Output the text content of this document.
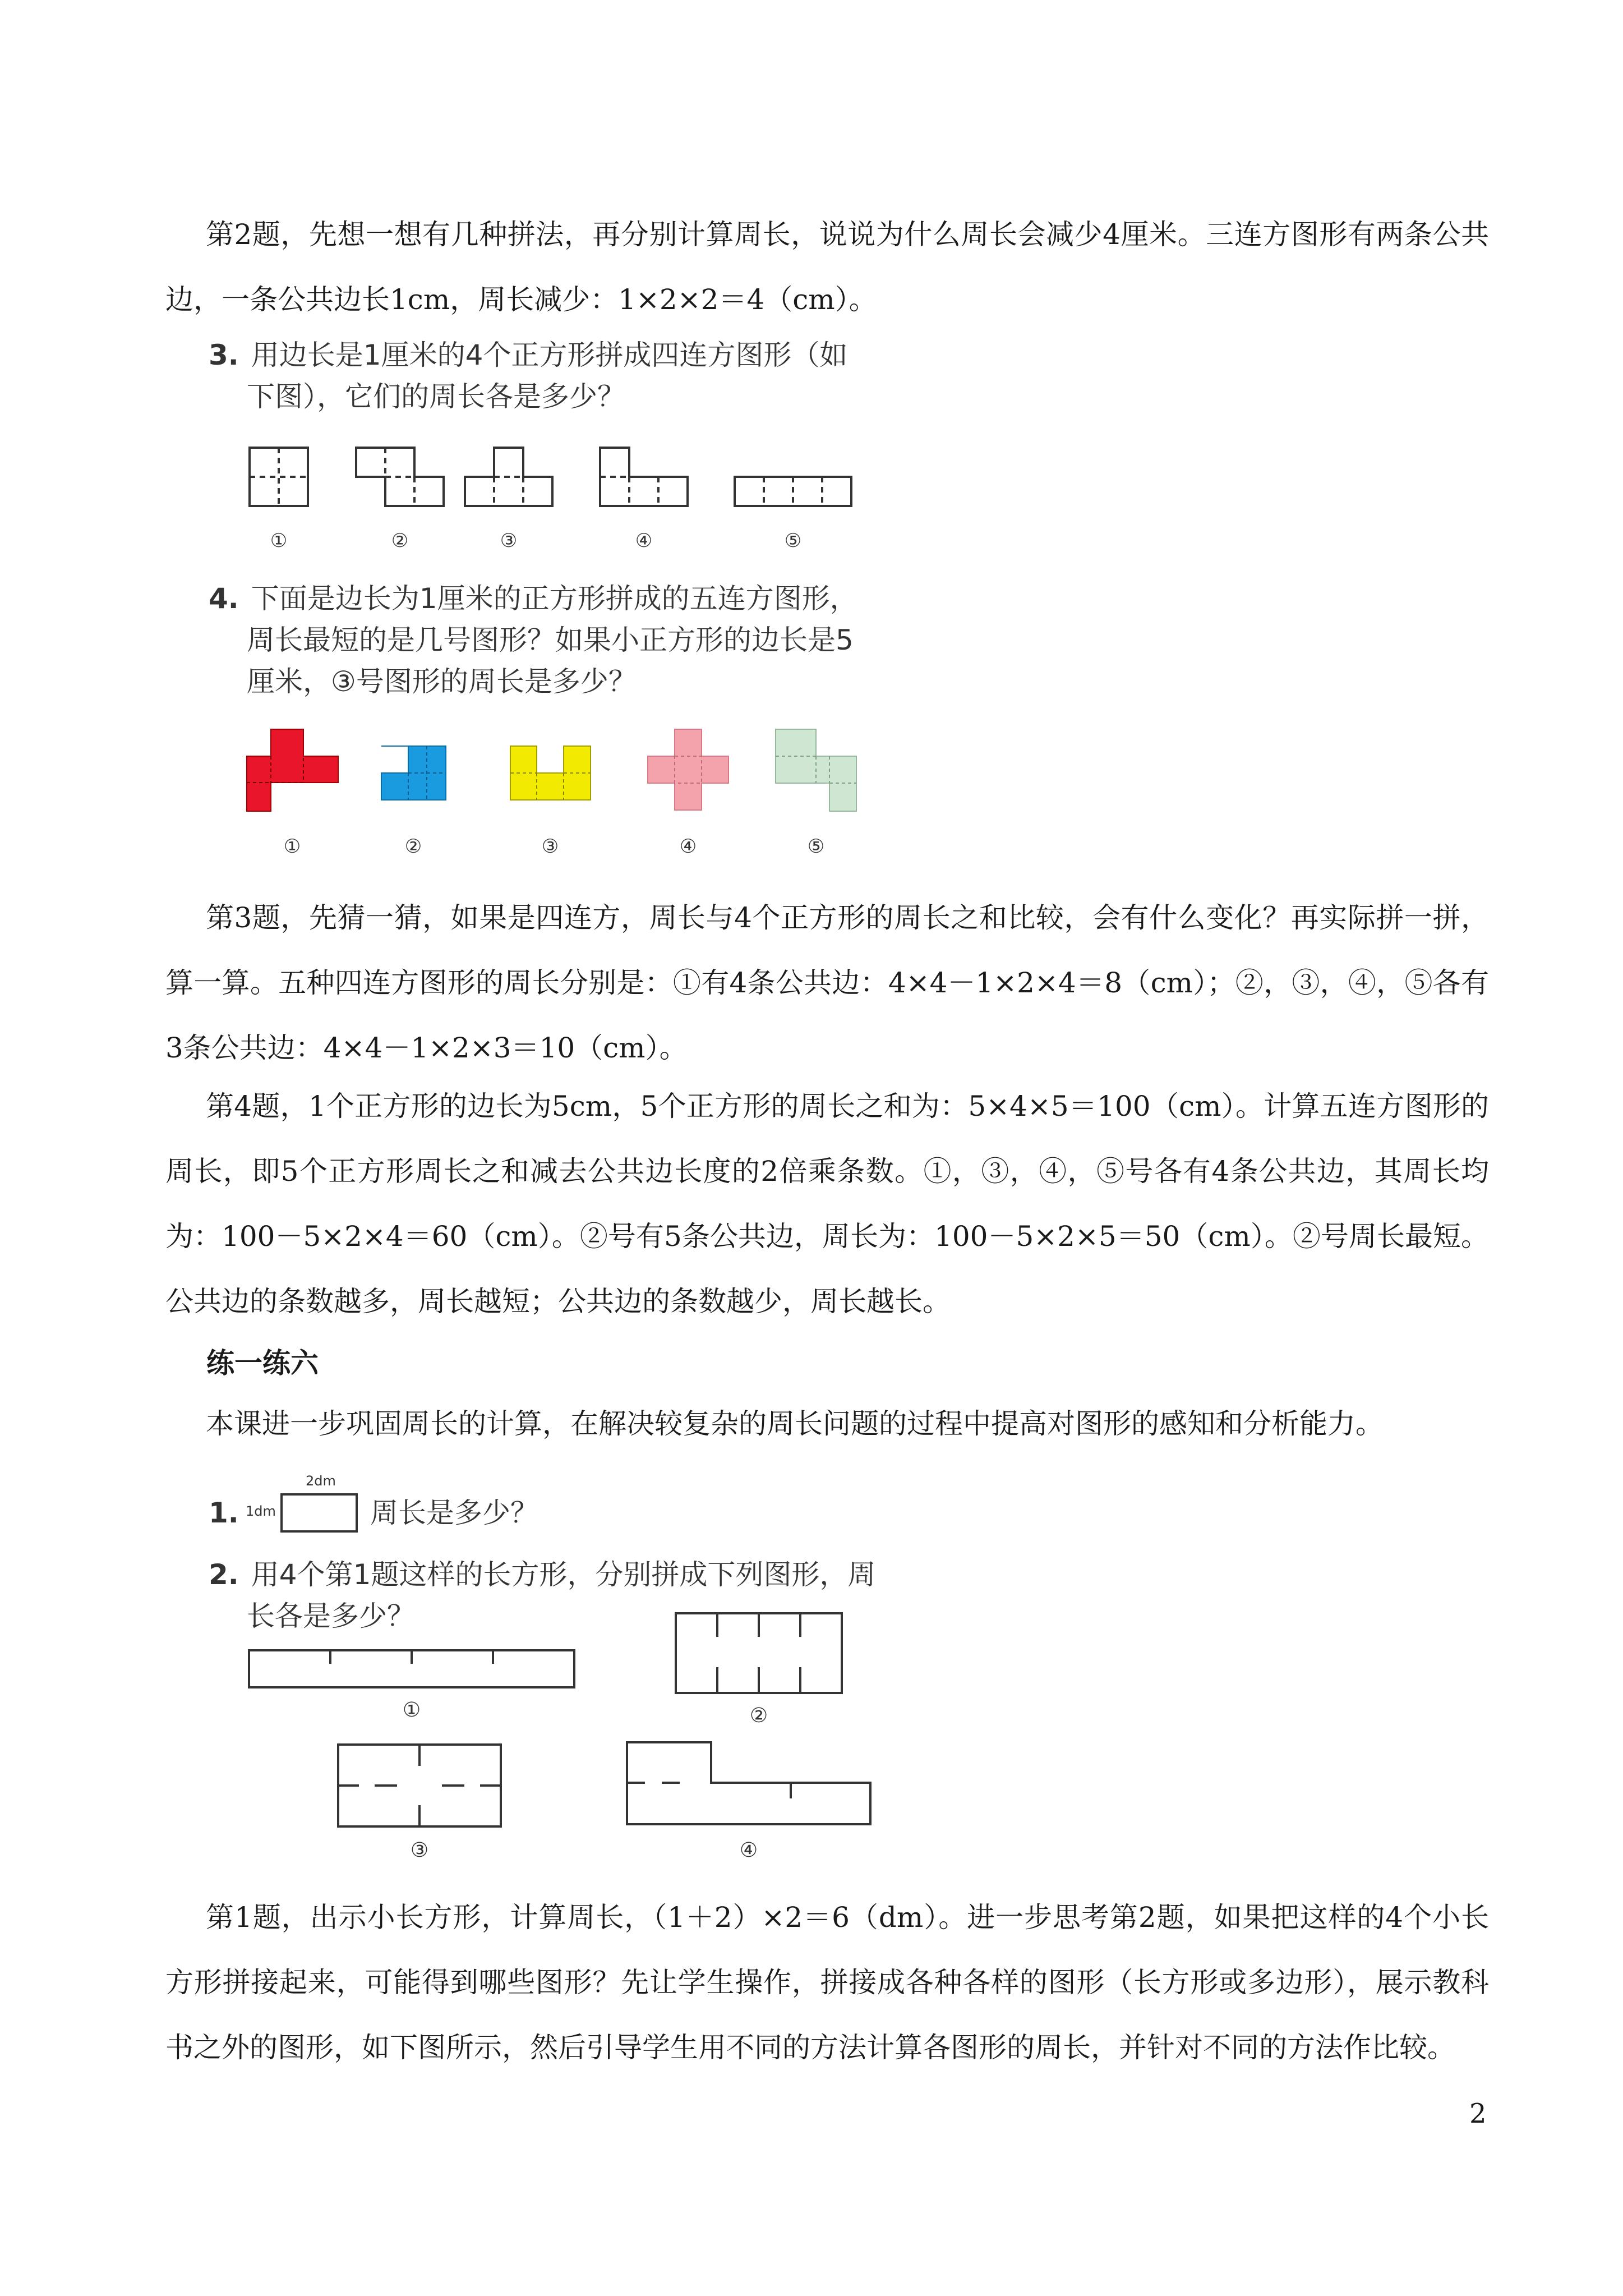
第2题，先想一想有几种拼法，再分别计算周长，说说为什么周长会减少4厘米。三连方图形有两条公共边，一条公共边长1cm，周长减少：1×2×2＝4（cm）。

3. 用边长是1厘米的4个正方形拼成四连方图形（如
下图），它们的周长各是多少？
①	②	③	④	⑤
4. 下面是边长为1厘米的正方形拼成的五连方图形，
周长最短的是几号图形？如果小正方形的边长是5
厘米，③号图形的周长是多少？
①	②	③	④	⑤

第3题，先猜一猜，如果是四连方，周长与4个正方形的周长之和比较，会有什么变化？再实际拼一拼，算一算。五种四连方图形的周长分别是：①有4条公共边：4×4－1×2×4＝8（cm）；②，③，④，⑤各有3条公共边：4×4－1×2×3＝10（cm）。

第4题，1个正方形的边长为5cm，5个正方形的周长之和为：5×4×5＝100（cm）。计算五连方图形的周长，即5个正方形周长之和减去公共边长度的2倍乘条数。①，③，④，⑤号各有4条公共边，其周长均为：100－5×2×4＝60（cm）。②号有5条公共边，周长为：100－5×2×5＝50（cm）。②号周长最短。公共边的条数越多，周长越短；公共边的条数越少，周长越长。

练一练六

本课进一步巩固周长的计算，在解决较复杂的周长问题的过程中提高对图形的感知和分析能力。

1. 1dm
2dm
周长是多少？
2. 用4个第1题这样的长方形，分别拼成下列图形，周
长各是多少？
①	②
③	④

第1题，出示小长方形，计算周长，（1＋2）×2＝6（dm）。进一步思考第2题，如果把这样的4个小长方形拼接起来，可能得到哪些图形？先让学生操作，拼接成各种各样的图形（长方形或多边形），展示教科书之外的图形，如下图所示，然后引导学生用不同的方法计算各图形的周长，并针对不同的方法作比较。

2
